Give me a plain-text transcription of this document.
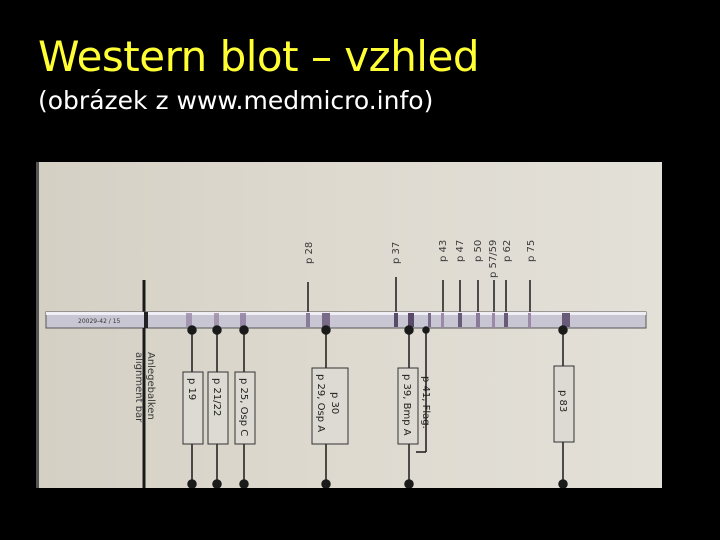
Western blot – vzhled
(obrázek z www.medmicro.info)
p 28	p 37	p 43 p 47 p 50 p 57/59 p 62 p 75
20029-42 / 15
Anlegebalken
alignment bar	p 19 p 21/22 p 25, Osp C	p 29, Osp A p 30	p 39, Bmp A p 41, Flag.	p 83
